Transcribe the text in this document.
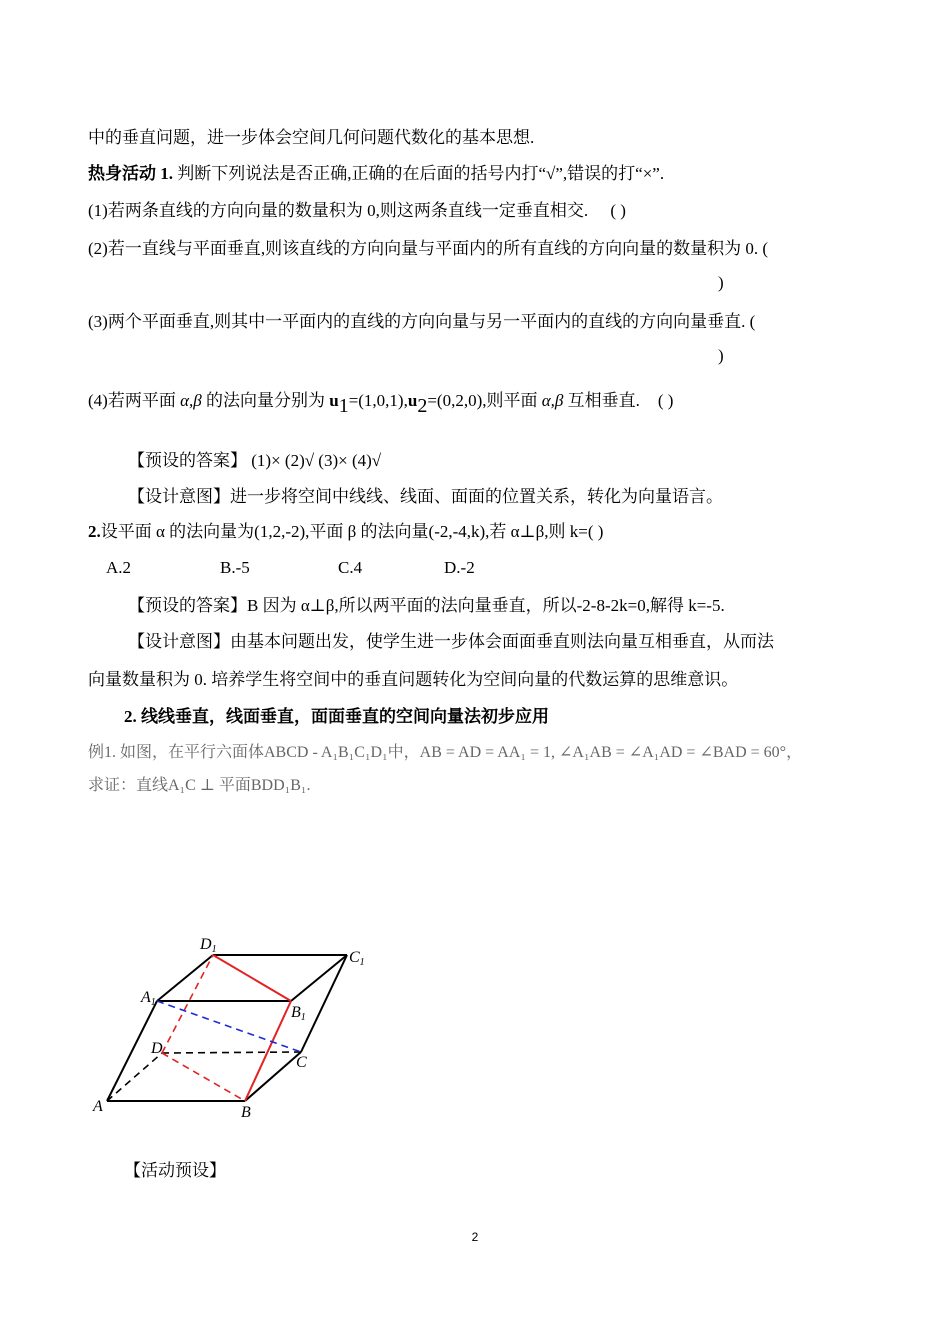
中的垂直问题，进一步体会空间几何问题代数化的基本思想.
热身活动 1. 判断下列说法是否正确,正确的在后面的括号内打“√”,错误的打“×”.
(1)若两条直线的方向向量的数量积为 0,则这两条直线一定垂直相交. ( )
(2)若一直线与平面垂直,则该直线的方向向量与平面内的所有直线的方向向量的数量积为 0. (
)
(3)两个平面垂直,则其中一平面内的直线的方向向量与另一平面内的直线的方向向量垂直. (
)
(4)若两平面 α,β 的法向量分别为 u1=(1,0,1),u2=(0,2,0),则平面 α,β 互相垂直. ( )
【预设的答案】 (1)× (2)√ (3)× (4)√
【设计意图】进一步将空间中线线、线面、面面的位置关系，转化为向量语言。
2.设平面 α 的法向量为(1,2,-2),平面 β 的法向量(-2,-4,k),若 α⊥β,则 k=( )
A.2	B.-5	C.4	D.-2
【预设的答案】B 因为 α⊥β,所以两平面的法向量垂直，所以-2-8-2k=0,解得 k=-5.
【设计意图】由基本问题出发，使学生进一步体会面面垂直则法向量互相垂直，从而法
向量数量积为 0. 培养学生将空间中的垂直问题转化为空间向量的代数运算的思维意识。
2. 线线垂直，线面垂直，面面垂直的空间向量法初步应用
例1. 如图，在平行六面体ABCD - A₁B₁C₁D₁中，AB = AD = AA₁ = 1, ∠A₁AB = ∠A₁AD = ∠BAD = 60°，
求证：直线A₁C ⊥ 平面BDD₁B₁.
A	B
C
D
A1
B1
C1
D1
【活动预设】
2
